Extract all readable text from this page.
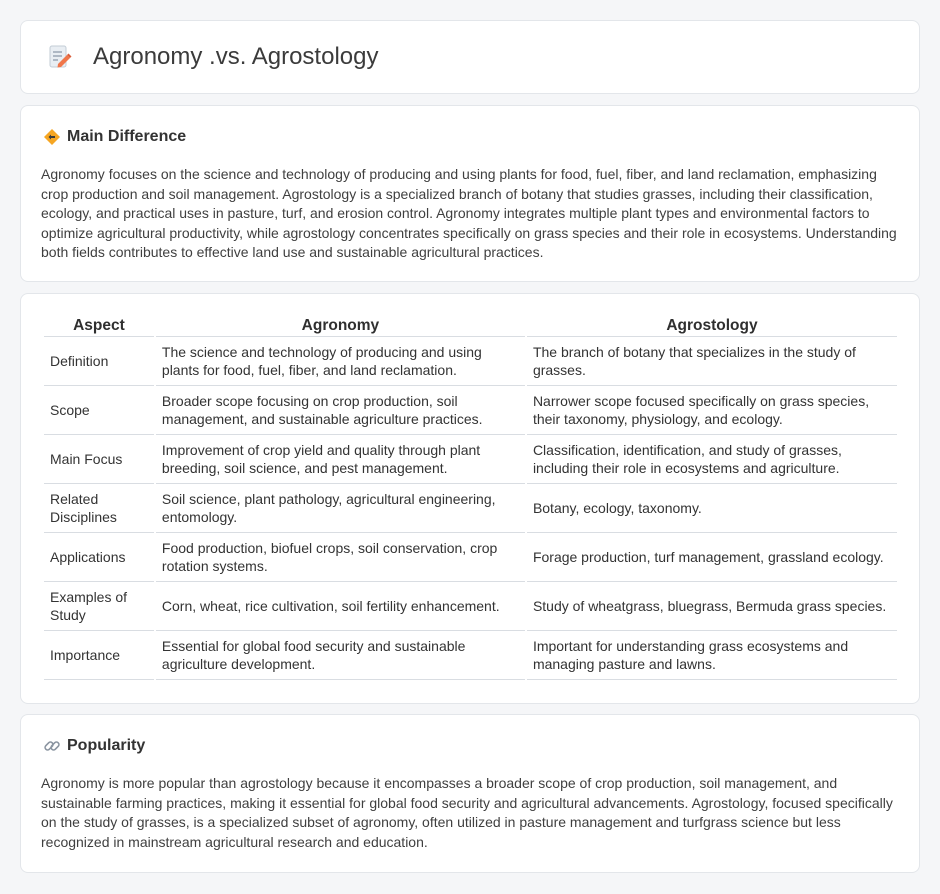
Agronomy .vs. Agrostology
Main Difference

Agronomy focuses on the science and technology of producing and using plants for food, fuel, fiber, and land reclamation, emphasizing crop production and soil management. Agrostology is a specialized branch of botany that studies grasses, including their classification, ecology, and practical uses in pasture, turf, and erosion control. Agronomy integrates multiple plant types and environmental factors to optimize agricultural productivity, while agrostology concentrates specifically on grass species and their role in ecosystems. Understanding both fields contributes to effective land use and sustainable agricultural practices.

Aspect	Agronomy	Agrostology
Definition	The science and technology of producing and using plants for food, fuel, fiber, and land reclamation.	The branch of botany that specializes in the study of grasses.
Scope	Broader scope focusing on crop production, soil management, and sustainable agriculture practices.	Narrower scope focused specifically on grass species, their taxonomy, physiology, and ecology.
Main Focus	Improvement of crop yield and quality through plant breeding, soil science, and pest management.	Classification, identification, and study of grasses, including their role in ecosystems and agriculture.
Related Disciplines	Soil science, plant pathology, agricultural engineering, entomology.	Botany, ecology, taxonomy.
Applications	Food production, biofuel crops, soil conservation, crop rotation systems.	Forage production, turf management, grassland ecology.
Examples of Study	Corn, wheat, rice cultivation, soil fertility enhancement.	Study of wheatgrass, bluegrass, Bermuda grass species.
Importance	Essential for global food security and sustainable agriculture development.	Important for understanding grass ecosystems and managing pasture and lawns.
Popularity

Agronomy is more popular than agrostology because it encompasses a broader scope of crop production, soil management, and sustainable farming practices, making it essential for global food security and agricultural advancements. Agrostology, focused specifically on the study of grasses, is a specialized subset of agronomy, often utilized in pasture management and turfgrass science but less recognized in mainstream agricultural research and education.
